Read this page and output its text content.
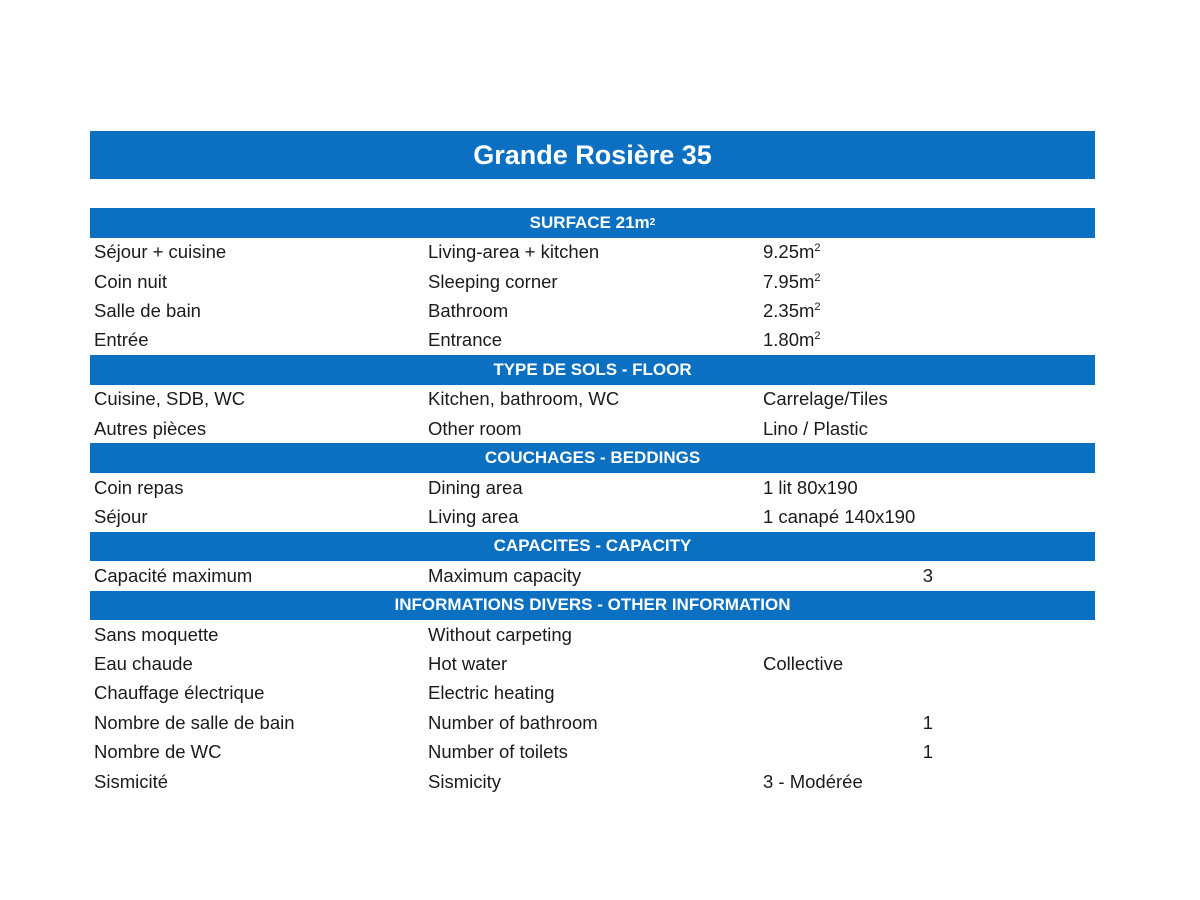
Grande Rosière 35
SURFACE 21m 2
Séjour + cuisine	Living-area + kitchen	$9.25m^2$
Coin nuit	Sleeping corner	$7.95m^2$
Salle de bain	Bathroom	$2.35m^2$
Entrée	Entrance	$1.80m^2$
TYPE DE SOLS - FLOOR
Cuisine, SDB, WC	Kitchen, bathroom, WC	Carrelage/Tiles
Autres pièces	Other room	Lino / Plastic
COUCHAGES - BEDDINGS
Coin repas	Dining area	1 lit 80x190
Séjour	Living area	1 canapé 140x190
CAPACITES - CAPACITY
Capacité maximum	Maximum capacity	3
INFORMATIONS DIVERS - OTHER INFORMATION
Sans moquette	Without carpeting
Eau chaude	Hot water	Collective
Chauffage électrique	Electric heating
Nombre de salle de bain	Number of bathroom	1
Nombre de WC	Number of toilets	1
Sismicité	Sismicity	3 - Modérée
